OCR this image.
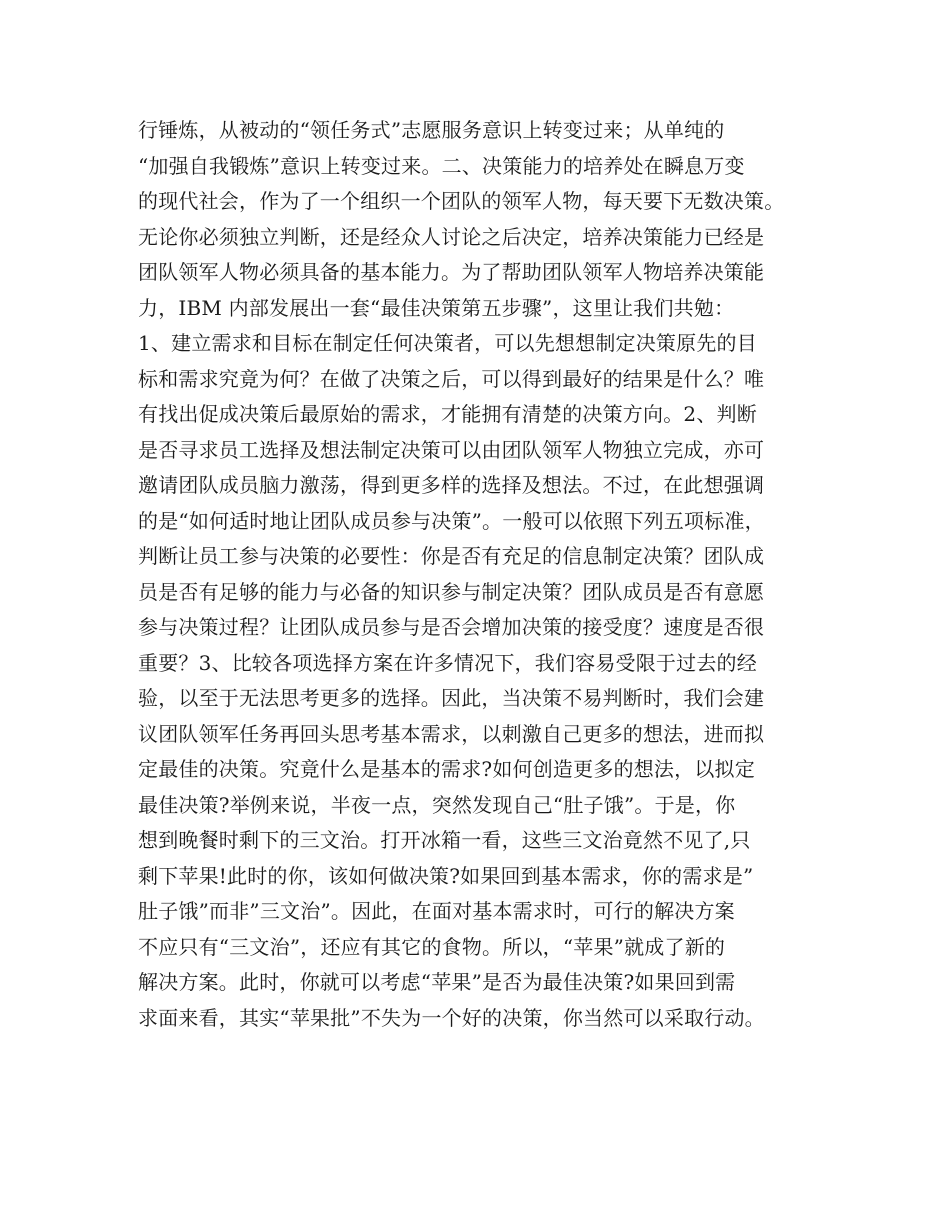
行锤炼，从被动的“领任务式”志愿服务意识上转变过来；从单纯的
“加强自我锻炼”意识上转变过来。二、决策能力的培养处在瞬息万变
的现代社会，作为了一个组织一个团队的领军人物，每天要下无数决策。
无论你必须独立判断，还是经众人讨论之后决定，培养决策能力已经是
团队领军人物必须具备的基本能力。为了帮助团队领军人物培养决策能
力，IBM 内部发展出一套“最佳决策第五步骤”，这里让我们共勉：
1、建立需求和目标在制定任何决策者，可以先想想制定决策原先的目
标和需求究竟为何？在做了决策之后，可以得到最好的结果是什么？唯
有找出促成决策后最原始的需求，才能拥有清楚的决策方向。2、判断
是否寻求员工选择及想法制定决策可以由团队领军人物独立完成，亦可
邀请团队成员脑力激荡，得到更多样的选择及想法。不过，在此想强调
的是“如何适时地让团队成员参与决策”。一般可以依照下列五项标准，
判断让员工参与决策的必要性：你是否有充足的信息制定决策？团队成
员是否有足够的能力与必备的知识参与制定决策？团队成员是否有意愿
参与决策过程？让团队成员参与是否会增加决策的接受度？速度是否很
重要？3、比较各项选择方案在许多情况下，我们容易受限于过去的经
验，以至于无法思考更多的选择。因此，当决策不易判断时，我们会建
议团队领军任务再回头思考基本需求，以刺激自己更多的想法，进而拟
定最佳的决策。究竟什么是基本的需求?如何创造更多的想法，以拟定
最佳决策?举例来说，半夜一点，突然发现自己“肚子饿”。于是，你
想到晚餐时剩下的三文治。打开冰箱一看，这些三文治竟然不见了,只
剩下苹果!此时的你，该如何做决策?如果回到基本需求，你的需求是”
肚子饿”而非”三文治”。因此，在面对基本需求时，可行的解决方案
不应只有“三文治”，还应有其它的食物。所以，“苹果”就成了新的
解决方案。此时，你就可以考虑“苹果”是否为最佳决策?如果回到需
求面来看，其实“苹果批”不失为一个好的决策，你当然可以采取行动。
